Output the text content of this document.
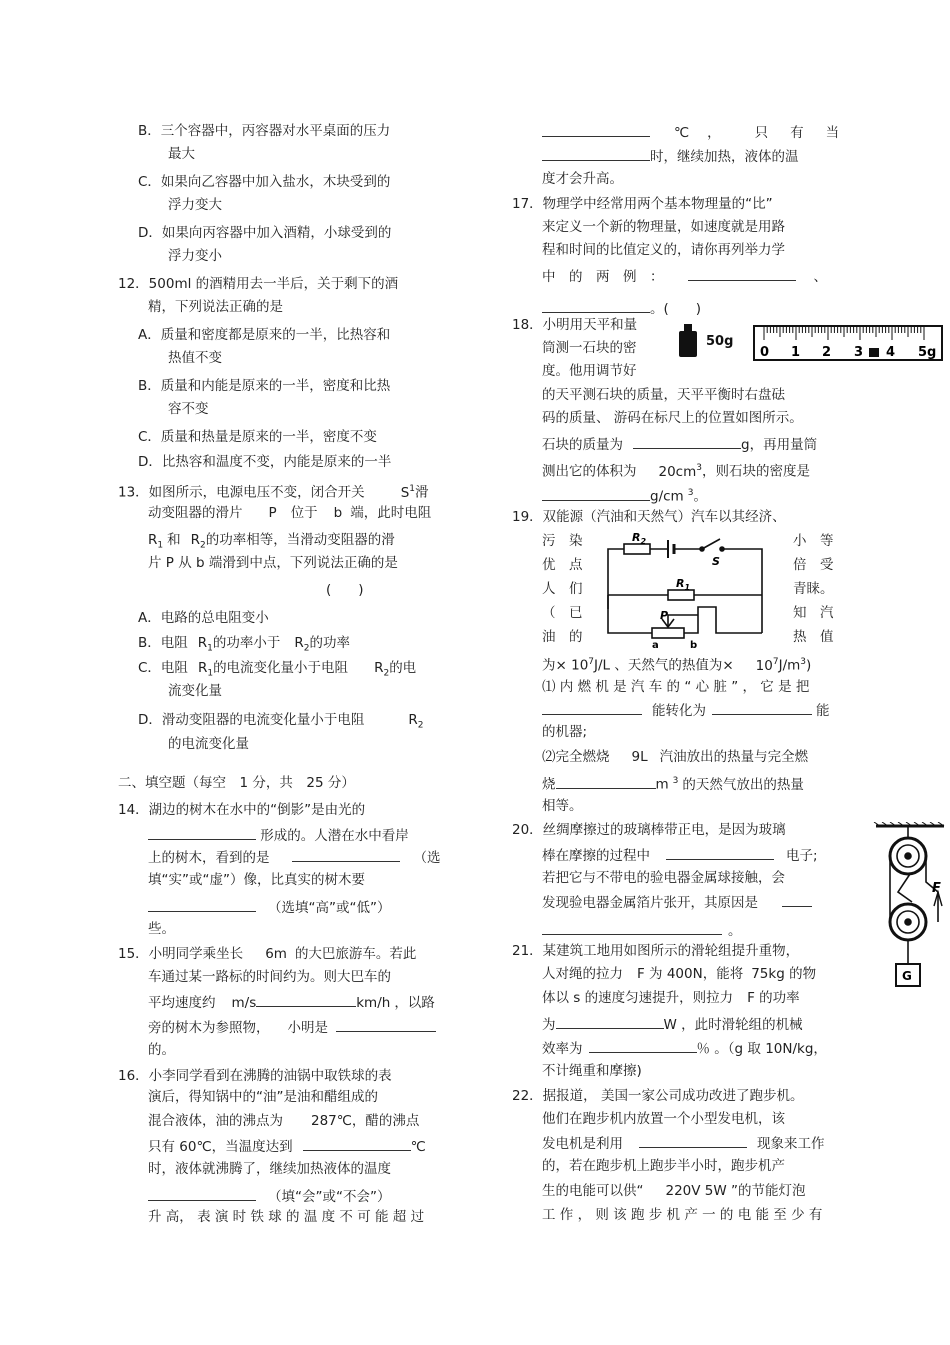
B．三个容器中，丙容器对水平桌面的压力
最大
C．如果向乙容器中加入盐水，木块受到的
浮力变大
D．如果向丙容器中加入酒精，小球受到的
浮力变小
12．500ml 的酒精用去一半后，关于剩下的酒
精，下列说法正确的是
A．质量和密度都是原来的一半，比热容和
热值不变
B．质量和内能是原来的一半，密度和比热
容不变
C．质量和热量是原来的一半，密度不变
D．比热容和温度不变，内能是原来的一半
13．如图所示，电源电压不变，闭合开关	$S^1$滑
动变阻器的滑片 P 位于 b 端，此时电阻
$R_1$ 和 $R_2$的功率相等，当滑动变阻器的滑
片 P 从 b 端滑到中点，下列说法正确的是
(　　)
A．电路的总电阻变小
B．电阻 $R_1$的功率小于 $R_2$的功率
C．电阻 $R_1$的电流变化量小于电阻 $R_2$的电
流变化量
D．滑动变阻器的电流变化量小于电阻	$R_2$
的电流变化量
二、填空题（每空　1 分，共　25 分）
14．湖边的树木在水中的“倒影”是由光的
形成的。人潜在水中看岸
上的树木，看到的是	（选
填“实”或“虚”）像，比真实的树木要
（选填“高”或“低”）
些。
15．小明同学乘坐长 6m 的大巴旅游车。若此
车通过某一路标的时间约为。则大巴车的
平均速度约 m/s	km/h ，以路
旁的树木为参照物， 小明是
的。
16．小李同学看到在沸腾的油锅中取铁球的表
演后，得知锅中的“油”是油和醋组成的
混合液体，油的沸点为 287℃，醋的沸点
只有 60℃，当温度达到	℃
时，液体就沸腾了，继续加热液体的温度
（填“会”或“不会”）
升 高， 表 演 时 铁 球 的 温 度 不 可 能 超 过
℃ ，	只 有 当
时，继续加热，液体的温
度才会升高。
17．物理学中经常用两个基本物理量的“比”
来定义一个新的物理量，如速度就是用路
程和时间的比值定义的，请你再列举力学
中　的　两　例　：	、
。(　　)
18．小明用天平和量
筒测一石块的密
度。他用调节好
的天平测石块的质量，天平平衡时右盘砝
码的质量、 游码在标尺上的位置如图所示。
石块的质量为	g，再用量筒
测出它的体积为 $20cm^3$，则石块的密度是
g/cm $^3$。
50g
0 1 2 3 4 5g
19．双能源（汽油和天然气）汽车以其经济、
污　染	小　等
优　点	倍　受
人　们	青睐。
（　已	知　汽
油　的	热　值
为× $10^7J/L$ 、天然气的热值为× $10^7J/m^3$)
⑴ 内 燃 机 是 汽 车 的 “ 心 脏 ” ， 它 是 把
能转化为	能
的机器;
⑵完全燃烧 9L 汽油放出的热量与完全燃
烧	m $^3$ 的天然气放出的热量
相等。
$R_2$
S
$R_1$
P
a	b
20．丝绸摩擦过的玻璃棒带正电，是因为玻璃
棒在摩擦的过程中	电子;
若把它与不带电的验电器金属球接触，会
发现验电器金属箔片张开，其原因是
。
21．某建筑工地用如图所示的滑轮组提升重物，
人对绳的拉力 F 为 400N，能将 75kg 的物
体以 s 的速度匀速提升，则拉力 F 的功率
为	W ，此时滑轮组的机械
效率为	％ 。（g 取 10N/kg，
不计绳重和摩擦)
F
G
22．据报道， 美国一家公司成功改进了跑步机。
他们在跑步机内放置一个小型发电机，该
发电机是利用	现象来工作
的，若在跑步机上跑步半小时，跑步机产
生的电能可以供“ 220V 5W ”的节能灯泡
工 作 ， 则 该 跑 步 机 产 一 的 电 能 至 少 有
